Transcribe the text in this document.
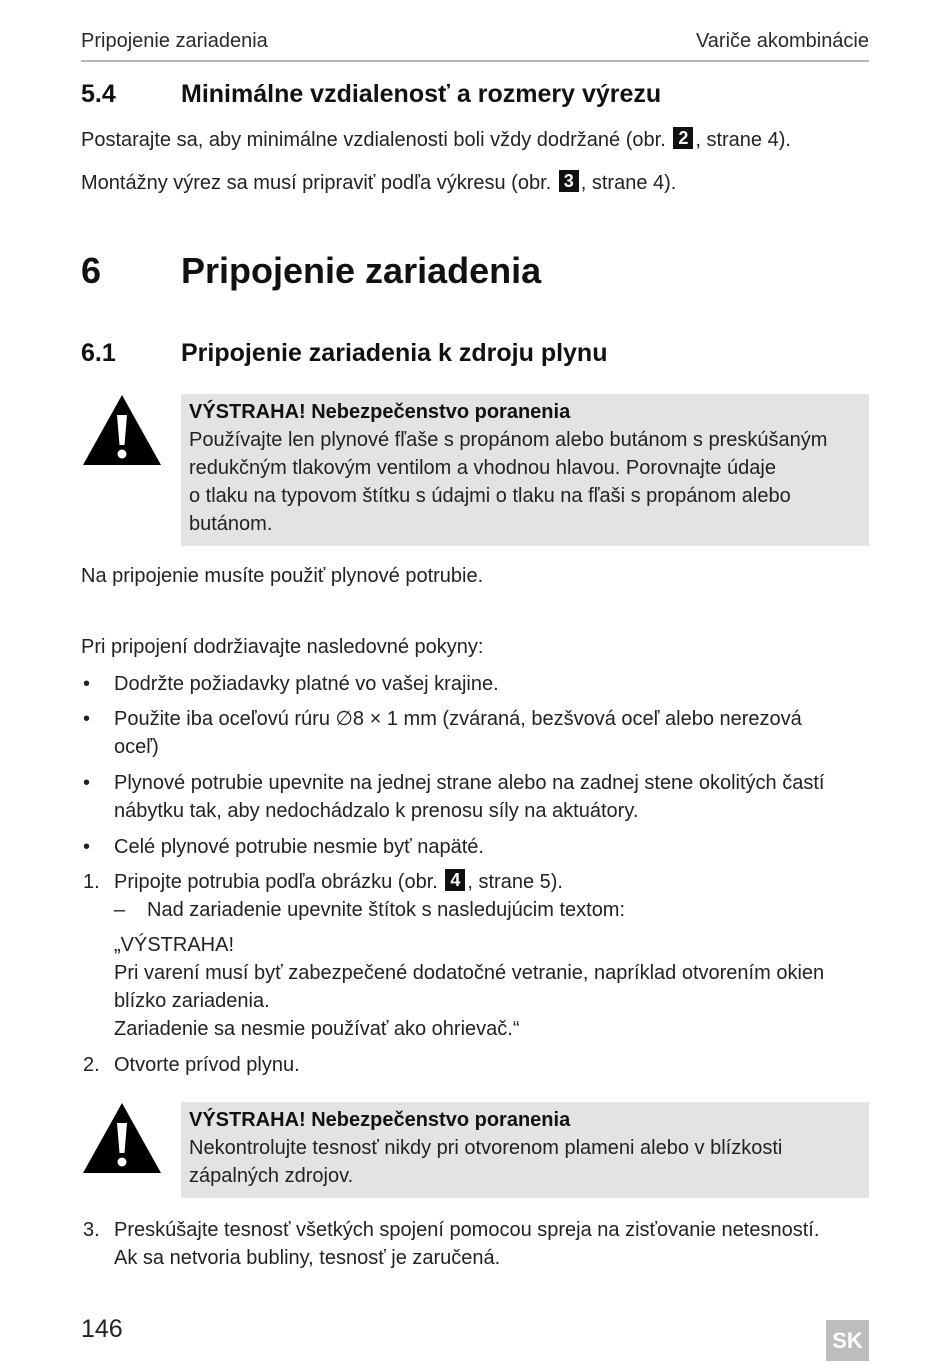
Pripojenie zariadenia	Variče akombinácie
5.4	Minimálne vzdialenosť a rozmery výrezu
Postarajte sa, aby minimálne vzdialenosti boli vždy dodržané (obr. 2 , strane 4).
Montážny výrez sa musí pripraviť podľa výkresu (obr. 3 , strane 4).
6 Pripojenie zariadenia
6.1	Pripojenie zariadenia k zdroju plynu
VÝSTRAHA! Nebezpečenstvo poranenia
Používajte len plynové fľaše s propánom alebo butánom s preskúšaným
redukčným tlakovým ventilom a vhodnou hlavou. Porovnajte údaje
o tlaku na typovom štítku s údajmi o tlaku na fľaši s propánom alebo
butánom.
Na pripojenie musíte použiť plynové potrubie.
Pri pripojení dodržiavajte nasledovné pokyny:
• Dodržte požiadavky platné vo vašej krajine.
• Použite iba oceľovú rúru ∅8 × 1 mm (zváraná, bezšvová oceľ alebo nerezová
oceľ)
• Plynové potrubie upevnite na jednej strane alebo na zadnej stene okolitých častí
nábytku tak, aby nedochádzalo k prenosu síly na aktuátory.
• Celé plynové potrubie nesmie byť napäté.
1. Pripojte potrubia podľa obrázku (obr. 4 , strane 5).
– Nad zariadenie upevnite štítok s nasledujúcim textom:
„VÝSTRAHA!
Pri varení musí byť zabezpečené dodatočné vetranie, napríklad otvorením okien
blízko zariadenia.
Zariadenie sa nesmie používať ako ohrievač.“
2. Otvorte prívod plynu.
VÝSTRAHA! Nebezpečenstvo poranenia
Nekontrolujte tesnosť nikdy pri otvorenom plameni alebo v blízkosti
zápalných zdrojov.
3. Preskúšajte tesnosť všetkých spojení pomocou spreja na zisťovanie netesností.
Ak sa netvoria bubliny, tesnosť je zaručená.
146	SK
